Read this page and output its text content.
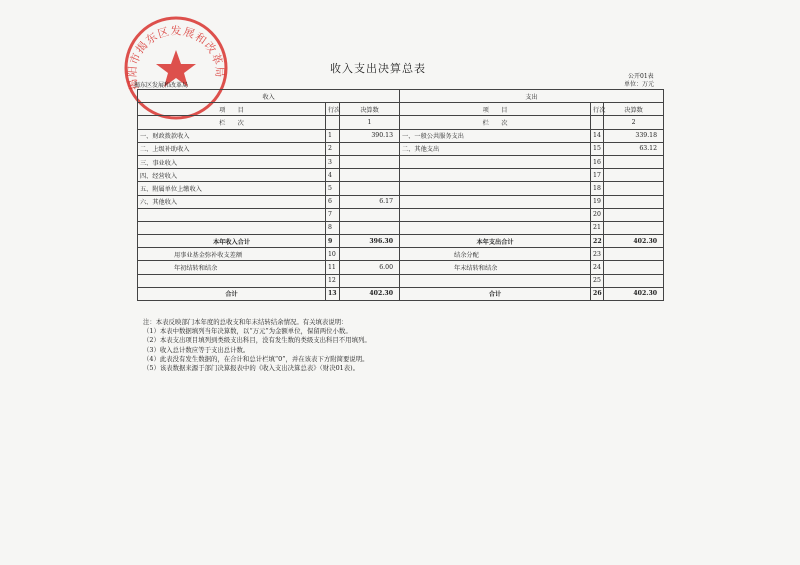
揭阳市揭东区发展和改革局	收入支出决算总表
公开01表
单位：万元
揭东区发展和改革局
收入			支出		
项　　目	行次	决算数	项　　目	行次	决算数
栏　　次		1	栏　　次		2
一、财政拨款收入	1	390.13	一、一般公共服务支出	14	339.18
二、上级补助收入	2		二、其他支出	15	63.12
三、事业收入	3			16	
四、经营收入	4			17	
五、附属单位上缴收入	5			18	
六、其他收入	6	6.17		19	
	7			20	
	8			21	
本年收入合计	9	396.30	本年支出合计	22	402.30
用事业基金弥补收支差额	10		结余分配	23	
年初结转和结余	11	6.00	年末结转和结余	24	
	12			25	
合计	13	402.30	合计	26	402.30
注：本表反映部门本年度的总收支和年末结转结余情况。有关填表说明：
（1）本表中数据填列当年决算数，以“万元”为金额单位，保留两位小数。
（2）本表支出项目填列到类级支出科目，没有发生数的类级支出科目不用填列。
（3）收入总计数应等于支出总计数。
（4）此表没有发生数据的，在合计和总计栏填“0”，并在该表下方附简要说明。
（5）该表数据来源于部门决算报表中的《收入支出决算总表》（财决01表)。
